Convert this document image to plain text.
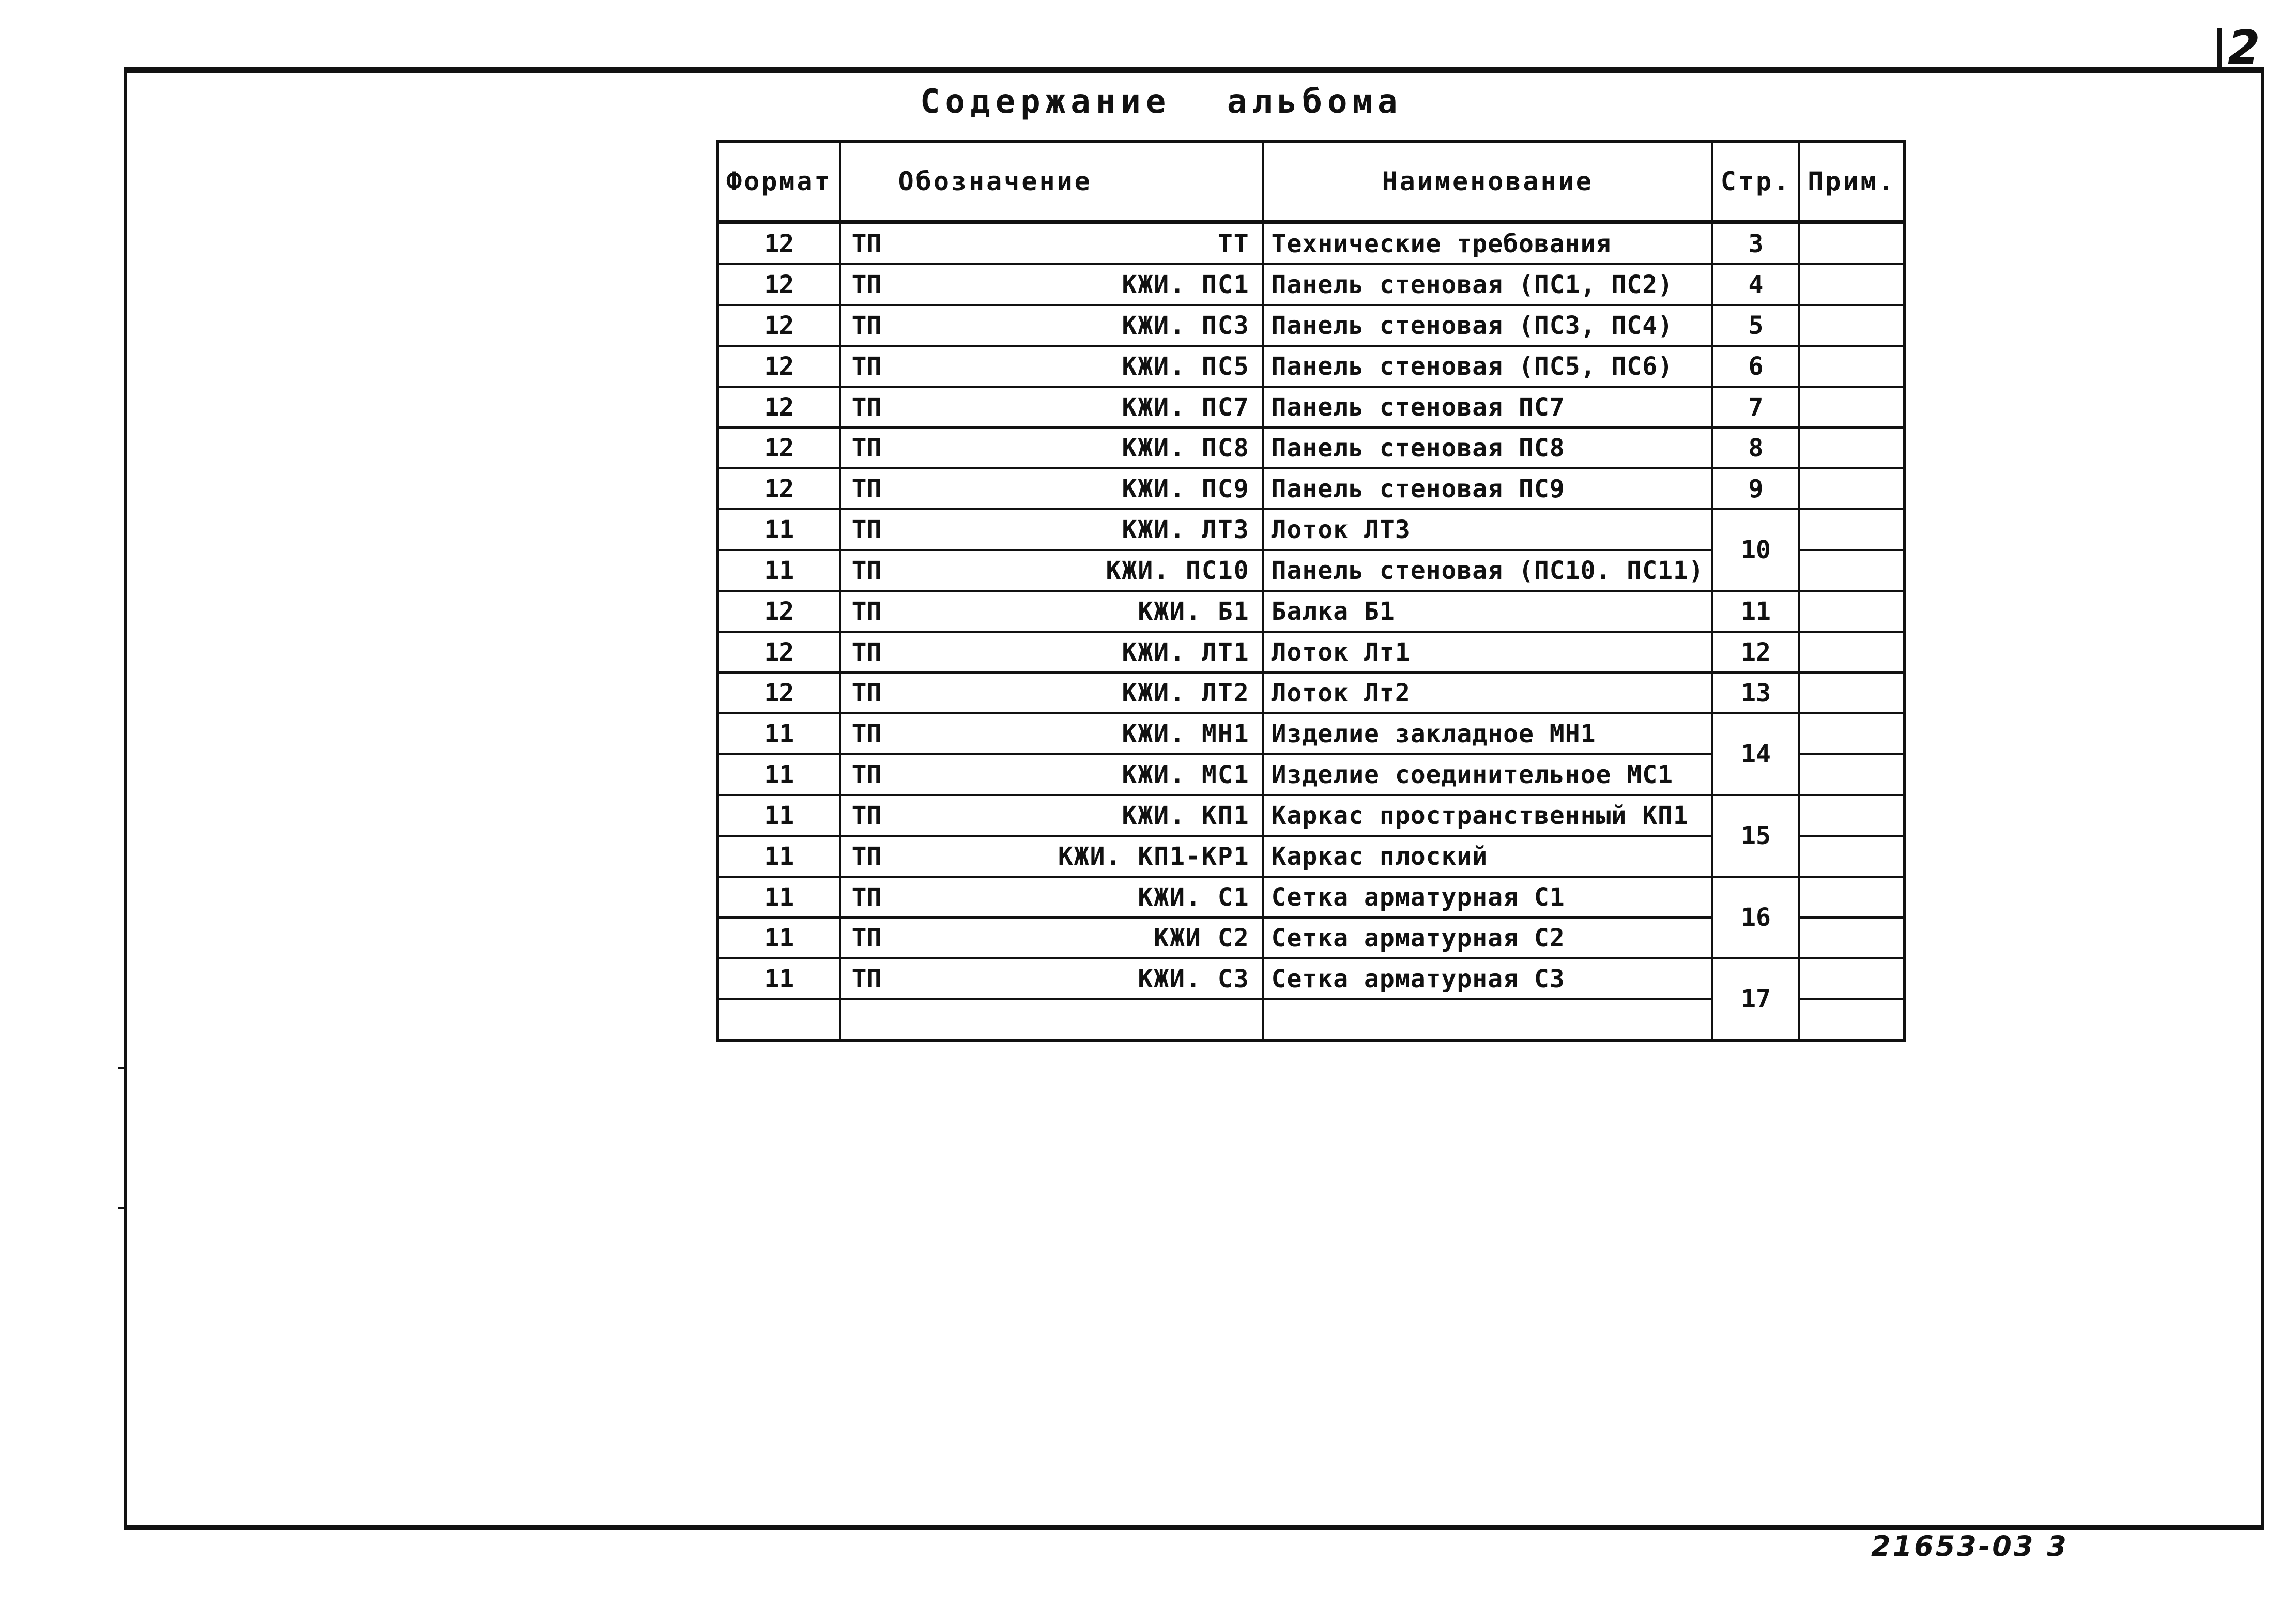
2
Содержание альбома
Формат	Обозначение	Наименование	Стр.	Прим.
12	ТП ТТ	Технические требования	3	
12	ТП КЖИ. ПС1	Панель стеновая (ПС1, ПС2)	4	
12	ТП КЖИ. ПС3	Панель стеновая (ПС3, ПС4)	5	
12	ТП КЖИ. ПС5	Панель стеновая (ПС5, ПС6)	6	
12	ТП КЖИ. ПС7	Панель стеновая ПС7	7	
12	ТП КЖИ. ПС8	Панель стеновая ПС8	8	
12	ТП КЖИ. ПС9	Панель стеновая ПС9	9	
11	ТП КЖИ. ЛТ3	Лоток ЛТ3	10	
11	ТП КЖИ. ПС10	Панель стеновая (ПС10. ПС11)		
12	ТП КЖИ. Б1	Балка Б1	11	
12	ТП КЖИ. ЛТ1	Лоток Лт1	12	
12	ТП КЖИ. ЛТ2	Лоток Лт2	13	
11	ТП КЖИ. МН1	Изделие закладное МН1	14	
11	ТП КЖИ. МС1	Изделие соединительное МС1		
11	ТП КЖИ. КП1	Каркас пространственный КП1	15	
11	ТП КЖИ. КП1-КР1	Каркас плоский		
11	ТП КЖИ. С1	Сетка арматурная С1	16	
11	ТП КЖИ С2	Сетка арматурная С2		
11	ТП КЖИ. С3	Сетка арматурная С3	17	

21653-03 3
